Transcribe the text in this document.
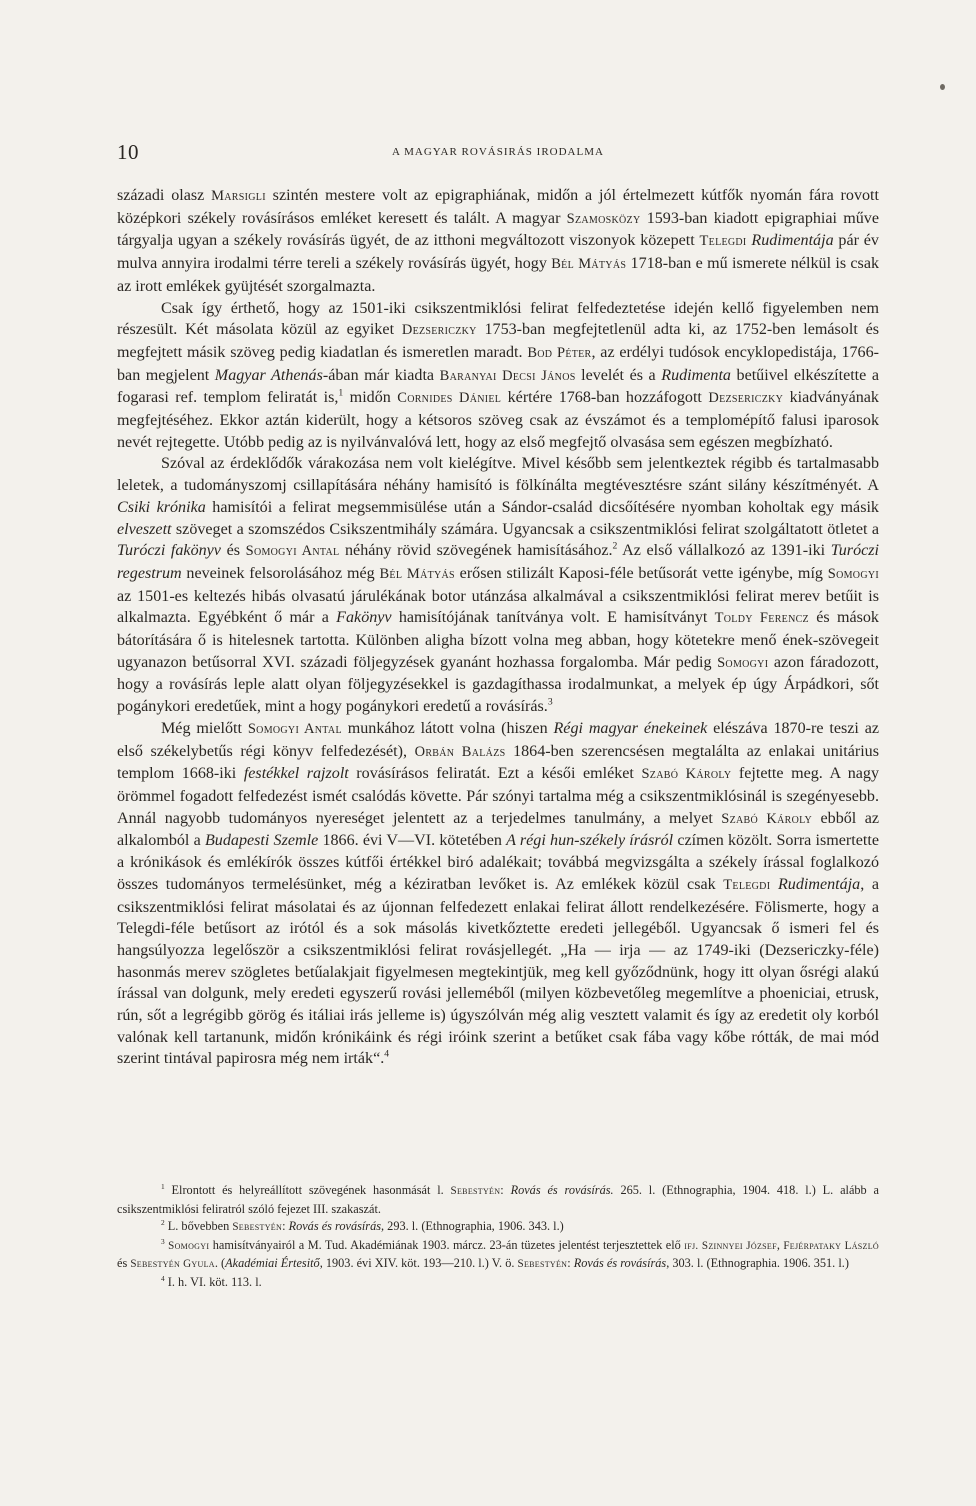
10	A MAGYAR ROVÁSIRÁS IRODALMA

századi olasz Marsigli szintén mestere volt az epigraphiának, midőn a jól értelmezett kútfők nyomán fára rovott középkori székely rovásírásos emléket keresett és talált. A magyar Szamosközy 1593-ban kiadott epigraphiai műve tárgyalja ugyan a székely rovásírás ügyét, de az itthoni megváltozott viszonyok közepett Telegdi Rudimentája pár év mulva annyira irodalmi térre tereli a székely rovásírás ügyét, hogy Bél Mátyás 1718-ban e mű ismerete nélkül is csak az irott emlékek gyüjtését szorgalmazta.

Csak így érthető, hogy az 1501-iki csikszentmiklósi felirat felfedeztetése idején kellő figyelemben nem részesült. Két másolata közül az egyiket Dezsericzky 1753-ban megfejtetlenül adta ki, az 1752-ben lemásolt és megfejtett másik szöveg pedig kiadatlan és ismeretlen maradt. Bod Péter, az erdélyi tudósok encyklopedistája, 1766-ban megjelent Magyar Athenás-ában már kiadta Baranyai Decsi János levelét és a Rudimenta betűivel elkészítette a fogarasi ref. templom feliratát is,$^1$ midőn Cornides Dániel kértére 1768-ban hozzáfogott Dezsericzky kiadványának megfejtéséhez. Ekkor aztán kiderült, hogy a kétsoros szöveg csak az évszámot és a templomépítő falusi iparosok nevét rejtegette. Utóbb pedig az is nyilvánvalóvá lett, hogy az első megfejtő olvasása sem egészen megbízható.

Szóval az érdeklődők várakozása nem volt kielégítve. Mivel később sem jelentkeztek régibb és tartalmasabb leletek, a tudományszomj csillapítására néhány hamisító is fölkínálta megtévesztésre szánt silány készítményét. A Csiki krónika hamisítói a felirat megsemmisülése után a Sándor-család dicsőítésére nyomban koholtak egy másik elveszett szöveget a szomszédos Csikszentmihály számára. Ugyancsak a csikszentmiklósi felirat szolgáltatott ötletet a Turóczi fakönyv és Somogyi Antal néhány rövid szövegének hamisításához.$^2$ Az első vállalkozó az 1391-iki Turóczi regestrum neveinek felsorolásához még Bél Mátyás erősen stilizált Kaposi-féle betűsorát vette igénybe, míg Somogyi az 1501-es keltezés hibás olvasatú járulékának botor utánzása alkalmával a csikszentmiklósi felirat merev betűit is alkalmazta. Egyébként ő már a Fakönyv hamisítójának tanítványa volt. E hamisítványt Toldy Ferencz és mások bátorítására ő is hitelesnek tartotta. Különben aligha bízott volna meg abban, hogy kötetekre menő ének-szövegeit ugyanazon betűsorral XVI. századi följegyzések gyanánt hozhassa forgalomba. Már pedig Somogyi azon fáradozott, hogy a rovásírás leple alatt olyan följegyzésekkel is gazdagíthassa irodalmunkat, a melyek ép úgy Árpádkori, sőt pogánykori eredetűek, mint a hogy pogánykori eredetű a rovásírás.$^3$

Még mielőtt Somogyi Antal munkához látott volna (hiszen Régi magyar énekeinek elészáva 1870-re teszi az első székelybetűs régi könyv felfedezését), Orbán Balázs 1864-ben szerencsésen megtalálta az enlakai unitárius templom 1668-iki festékkel rajzolt rovásírásos feliratát. Ezt a késői emléket Szabó Károly fejtette meg. A nagy örömmel fogadott felfedezést ismét csalódás követte. Pár szónyi tartalma még a csikszentmiklósinál is szegényesebb. Annál nagyobb tudományos nyereséget jelentett az a terjedelmes tanulmány, a melyet Szabó Károly ebből az alkalomból a Budapesti Szemle 1866. évi V—VI. kötetében A régi hun-székely írásról czímen közölt. Sorra ismertette a krónikások és emlékírók összes kútfői értékkel biró adalékait; továbbá megvizsgálta a székely írással foglalkozó összes tudományos termelésünket, még a kéziratban levőket is. Az emlékek közül csak Telegdi Rudimentája, a csikszentmiklósi felirat másolatai és az újonnan felfedezett enlakai felirat állott rendelkezésére. Fölismerte, hogy a Telegdi-féle betűsort az irótól és a sok másolás kivetkőztette eredeti jellegéből. Ugyancsak ő ismeri fel és hangsúlyozza legelőször a csikszentmiklósi felirat rovásjellegét. „Ha — irja — az 1749-iki (Dezsericzky-féle) hasonmás merev szögletes betűalakjait figyelmesen megtekintjük, meg kell győződnünk, hogy itt olyan ősrégi alakú írással van dolgunk, mely eredeti egyszerű rovási jelleméből (milyen közbevetőleg megemlítve a phoeniciai, etrusk, rún, sőt a legrégibb görög és itáliai irás jelleme is) úgyszólván még alig vesztett valamit és így az eredetit oly korból valónak kell tartanunk, midőn krónikáink és régi iróink szerint a betűket csak fába vagy kőbe rótták, de mai mód szerint tintával papirosra még nem irták“.$^4$

$^1$ Elrontott és helyreállított szövegének hasonmását l. Sebestyén: Rovás és rovásírás. 265. l. (Ethnographia, 1904. 418. l.) L. alább a csikszentmiklósi feliratról szóló fejezet III. szakaszát.

$^2$ L. bővebben Sebestyén: Rovás és rovásírás, 293. l. (Ethnographia, 1906. 343. l.)

$^3$ Somogyi hamisítványairól a M. Tud. Akadémiának 1903. márcz. 23-án tüzetes jelentést terjesztettek elő ifj. Szinnyei József, Fejérpataky László és Sebestyén Gyula. (Akadémiai Értesitő, 1903. évi XIV. köt. 193—210. l.) V. ö. Sebestyén: Rovás és rovásírás, 303. l. (Ethnographia. 1906. 351. l.)

$^4$ I. h. VI. köt. 113. l.
